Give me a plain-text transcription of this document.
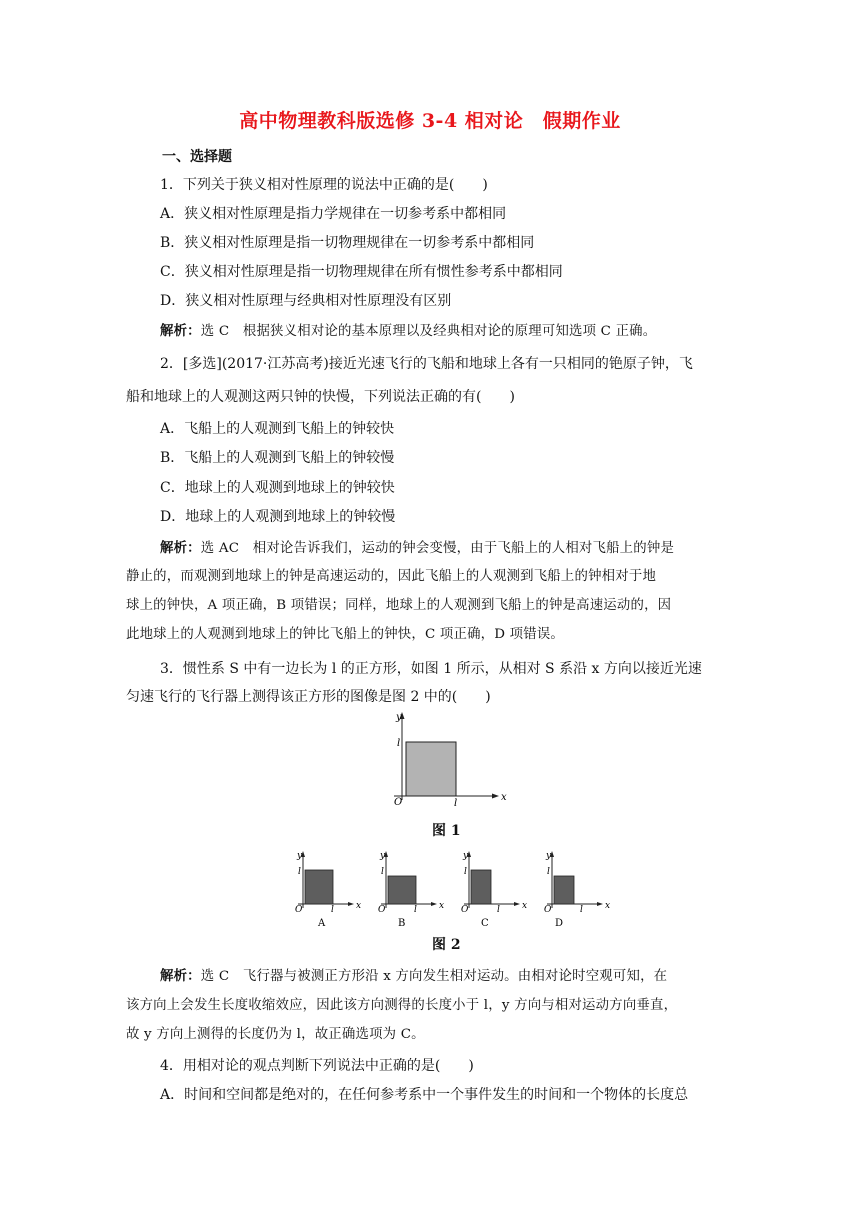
高中物理教科版选修 3-4 相对论　假期作业
一、选择题
1．下列关于狭义相对性原理的说法中正确的是(　　)
A．狭义相对性原理是指力学规律在一切参考系中都相同
B．狭义相对性原理是指一切物理规律在一切参考系中都相同
C．狭义相对性原理是指一切物理规律在所有惯性参考系中都相同
D．狭义相对性原理与经典相对性原理没有区别
解析：选 C　根据狭义相对论的基本原理以及经典相对论的原理可知选项 C 正确。
2．[多选](2017·江苏高考)接近光速飞行的飞船和地球上各有一只相同的铯原子钟，飞
船和地球上的人观测这两只钟的快慢，下列说法正确的有(　　)
A．飞船上的人观测到飞船上的钟较快
B．飞船上的人观测到飞船上的钟较慢
C．地球上的人观测到地球上的钟较快
D．地球上的人观测到地球上的钟较慢
解析：选 AC　相对论告诉我们，运动的钟会变慢，由于飞船上的人相对飞船上的钟是
静止的，而观测到地球上的钟是高速运动的，因此飞船上的人观测到飞船上的钟相对于地
球上的钟快，A 项正确，B 项错误；同样，地球上的人观测到飞船上的钟是高速运动的，因
此地球上的人观测到地球上的钟比飞船上的钟快，C 项正确，D 项错误。
3．惯性系 S 中有一边长为 l 的正方形，如图 1 所示，从相对 S 系沿 x 方向以接近光速
匀速飞行的飞行器上测得该正方形的图像是图 2 中的(　　)
y
x
O
l
l
图 1
y
x
O
l
l
A
y
x
O
l
l
B
y
x
O
l
l
C
y
x
O
l
l
D
图 2
解析：选 C　飞行器与被测正方形沿 x 方向发生相对运动。由相对论时空观可知，在
该方向上会发生长度收缩效应，因此该方向测得的长度小于 l，y 方向与相对运动方向垂直，
故 y 方向上测得的长度仍为 l，故正确选项为 C。
4．用相对论的观点判断下列说法中正确的是(　　)
A．时间和空间都是绝对的，在任何参考系中一个事件发生的时间和一个物体的长度总
